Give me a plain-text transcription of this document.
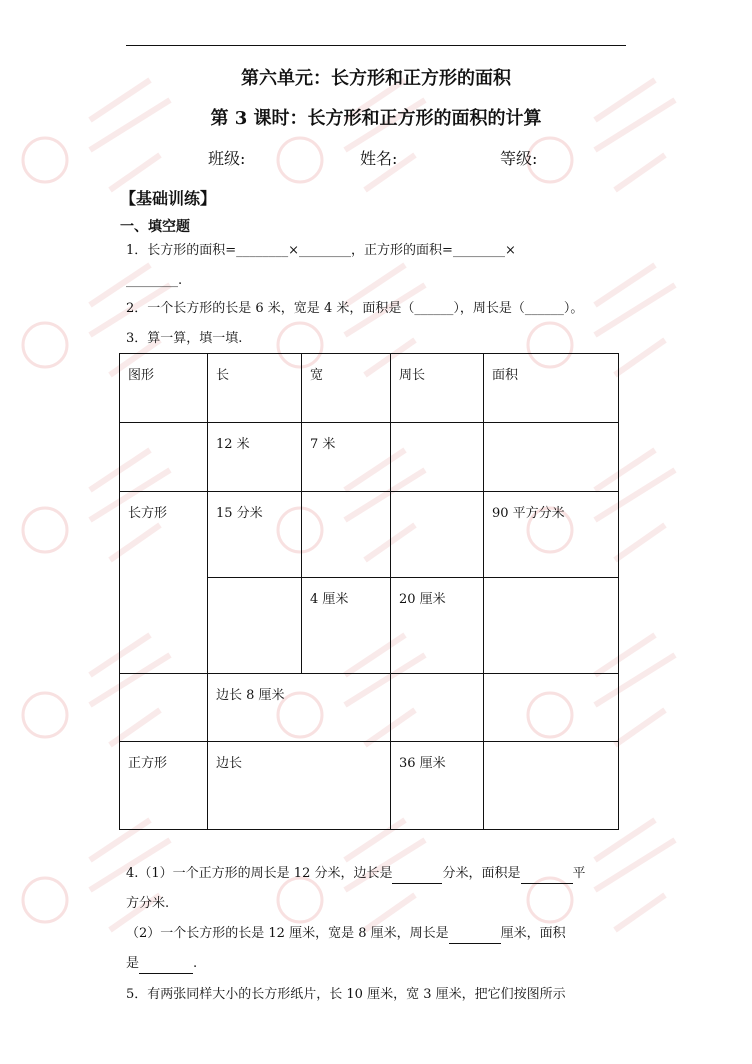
第六单元：长方形和正方形的面积
第 3 课时：长方形和正方形的面积的计算
班级:	姓名:	等级:
【基础训练】
一、填空题
1．长方形的面积=________×________，正方形的面积=________×
________.
2．一个长方形的长是 6 米，宽是 4 米，面积是（______），周长是（______）。
3．算一算，填一填.
图形	长	宽	周长	面积
	12 米	7 米		
长方形	15 分米			90 平方分米
		4 厘米	20 厘米	
	边长 8 厘米			
正方形	边长		36 厘米	
4.（1）一个正方形的周长是 12 分米，边长是	分米，面积是	平
方分米.
（2）一个长方形的长是 12 厘米，宽是 8 厘米，周长是	厘米，面积
是	.
5．有两张同样大小的长方形纸片，长 10 厘米，宽 3 厘米，把它们按图所示
